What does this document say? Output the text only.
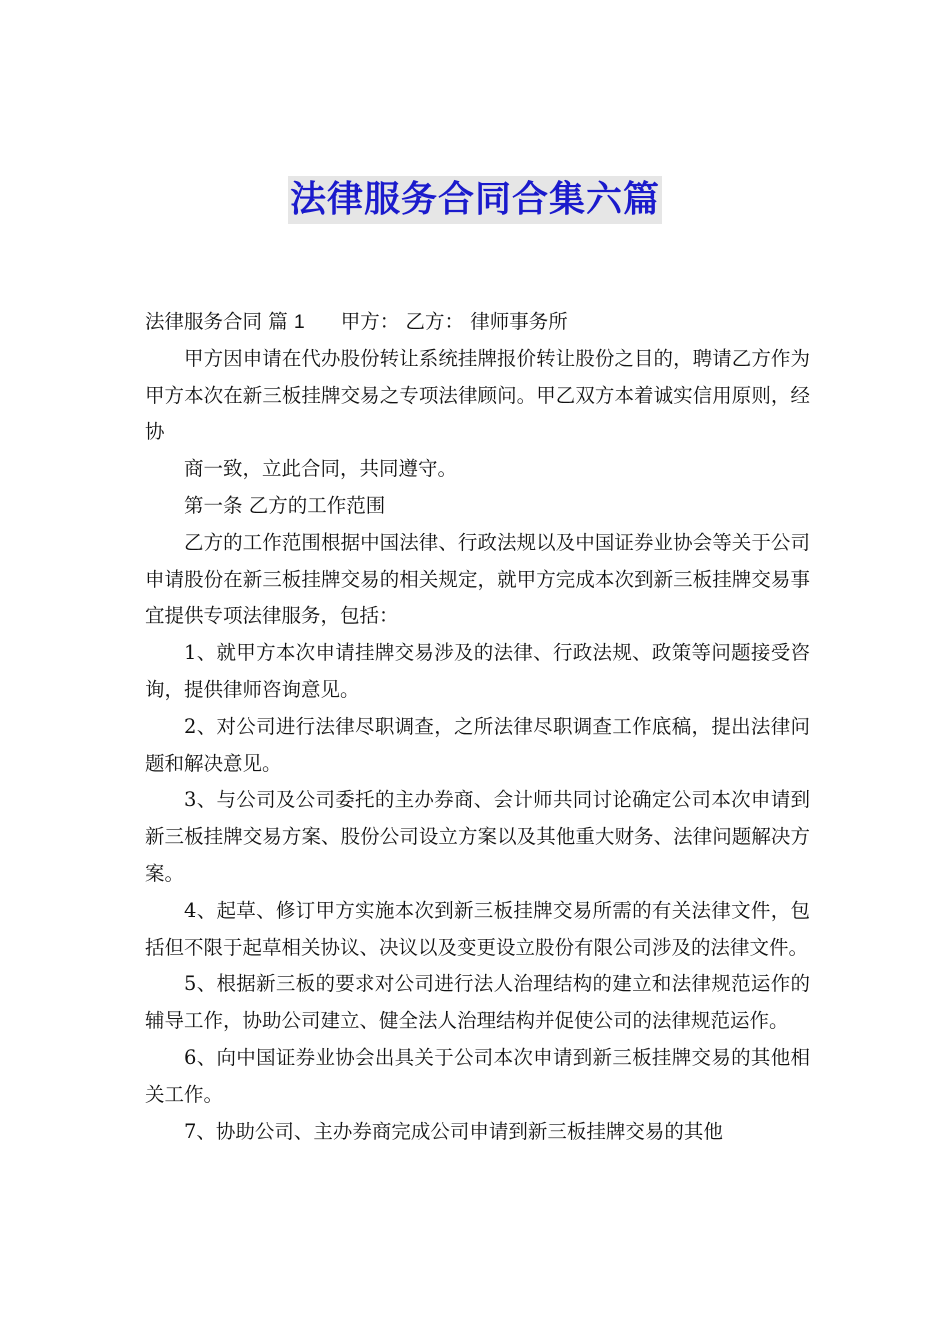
法律服务合同合集六篇

法律服务合同 篇 1 甲方： 乙方： 律师事务所

甲方因申请在代办股份转让系统挂牌报价转让股份之目的，聘请乙方作为甲方本次在新三板挂牌交易之专项法律顾问。甲乙双方本着诚实信用原则，经协

商一致，立此合同，共同遵守。

第一条 乙方的工作范围

乙方的工作范围根据中国法律、行政法规以及中国证券业协会等关于公司申请股份在新三板挂牌交易的相关规定，就甲方完成本次到新三板挂牌交易事宜提供专项法律服务，包括：

1、就甲方本次申请挂牌交易涉及的法律、行政法规、政策等问题接受咨询，提供律师咨询意见。

2、对公司进行法律尽职调查，之所法律尽职调查工作底稿，提出法律问题和解决意见。

3、与公司及公司委托的主办券商、会计师共同讨论确定公司本次申请到新三板挂牌交易方案、股份公司设立方案以及其他重大财务、法律问题解决方案。

4、起草、修订甲方实施本次到新三板挂牌交易所需的有关法律文件，包括但不限于起草相关协议、决议以及变更设立股份有限公司涉及的法律文件。

5、根据新三板的要求对公司进行法人治理结构的建立和法律规范运作的辅导工作，协助公司建立、健全法人治理结构并促使公司的法律规范运作。

6、向中国证券业协会出具关于公司本次申请到新三板挂牌交易的其他相关工作。

7、协助公司、主办券商完成公司申请到新三板挂牌交易的其他
